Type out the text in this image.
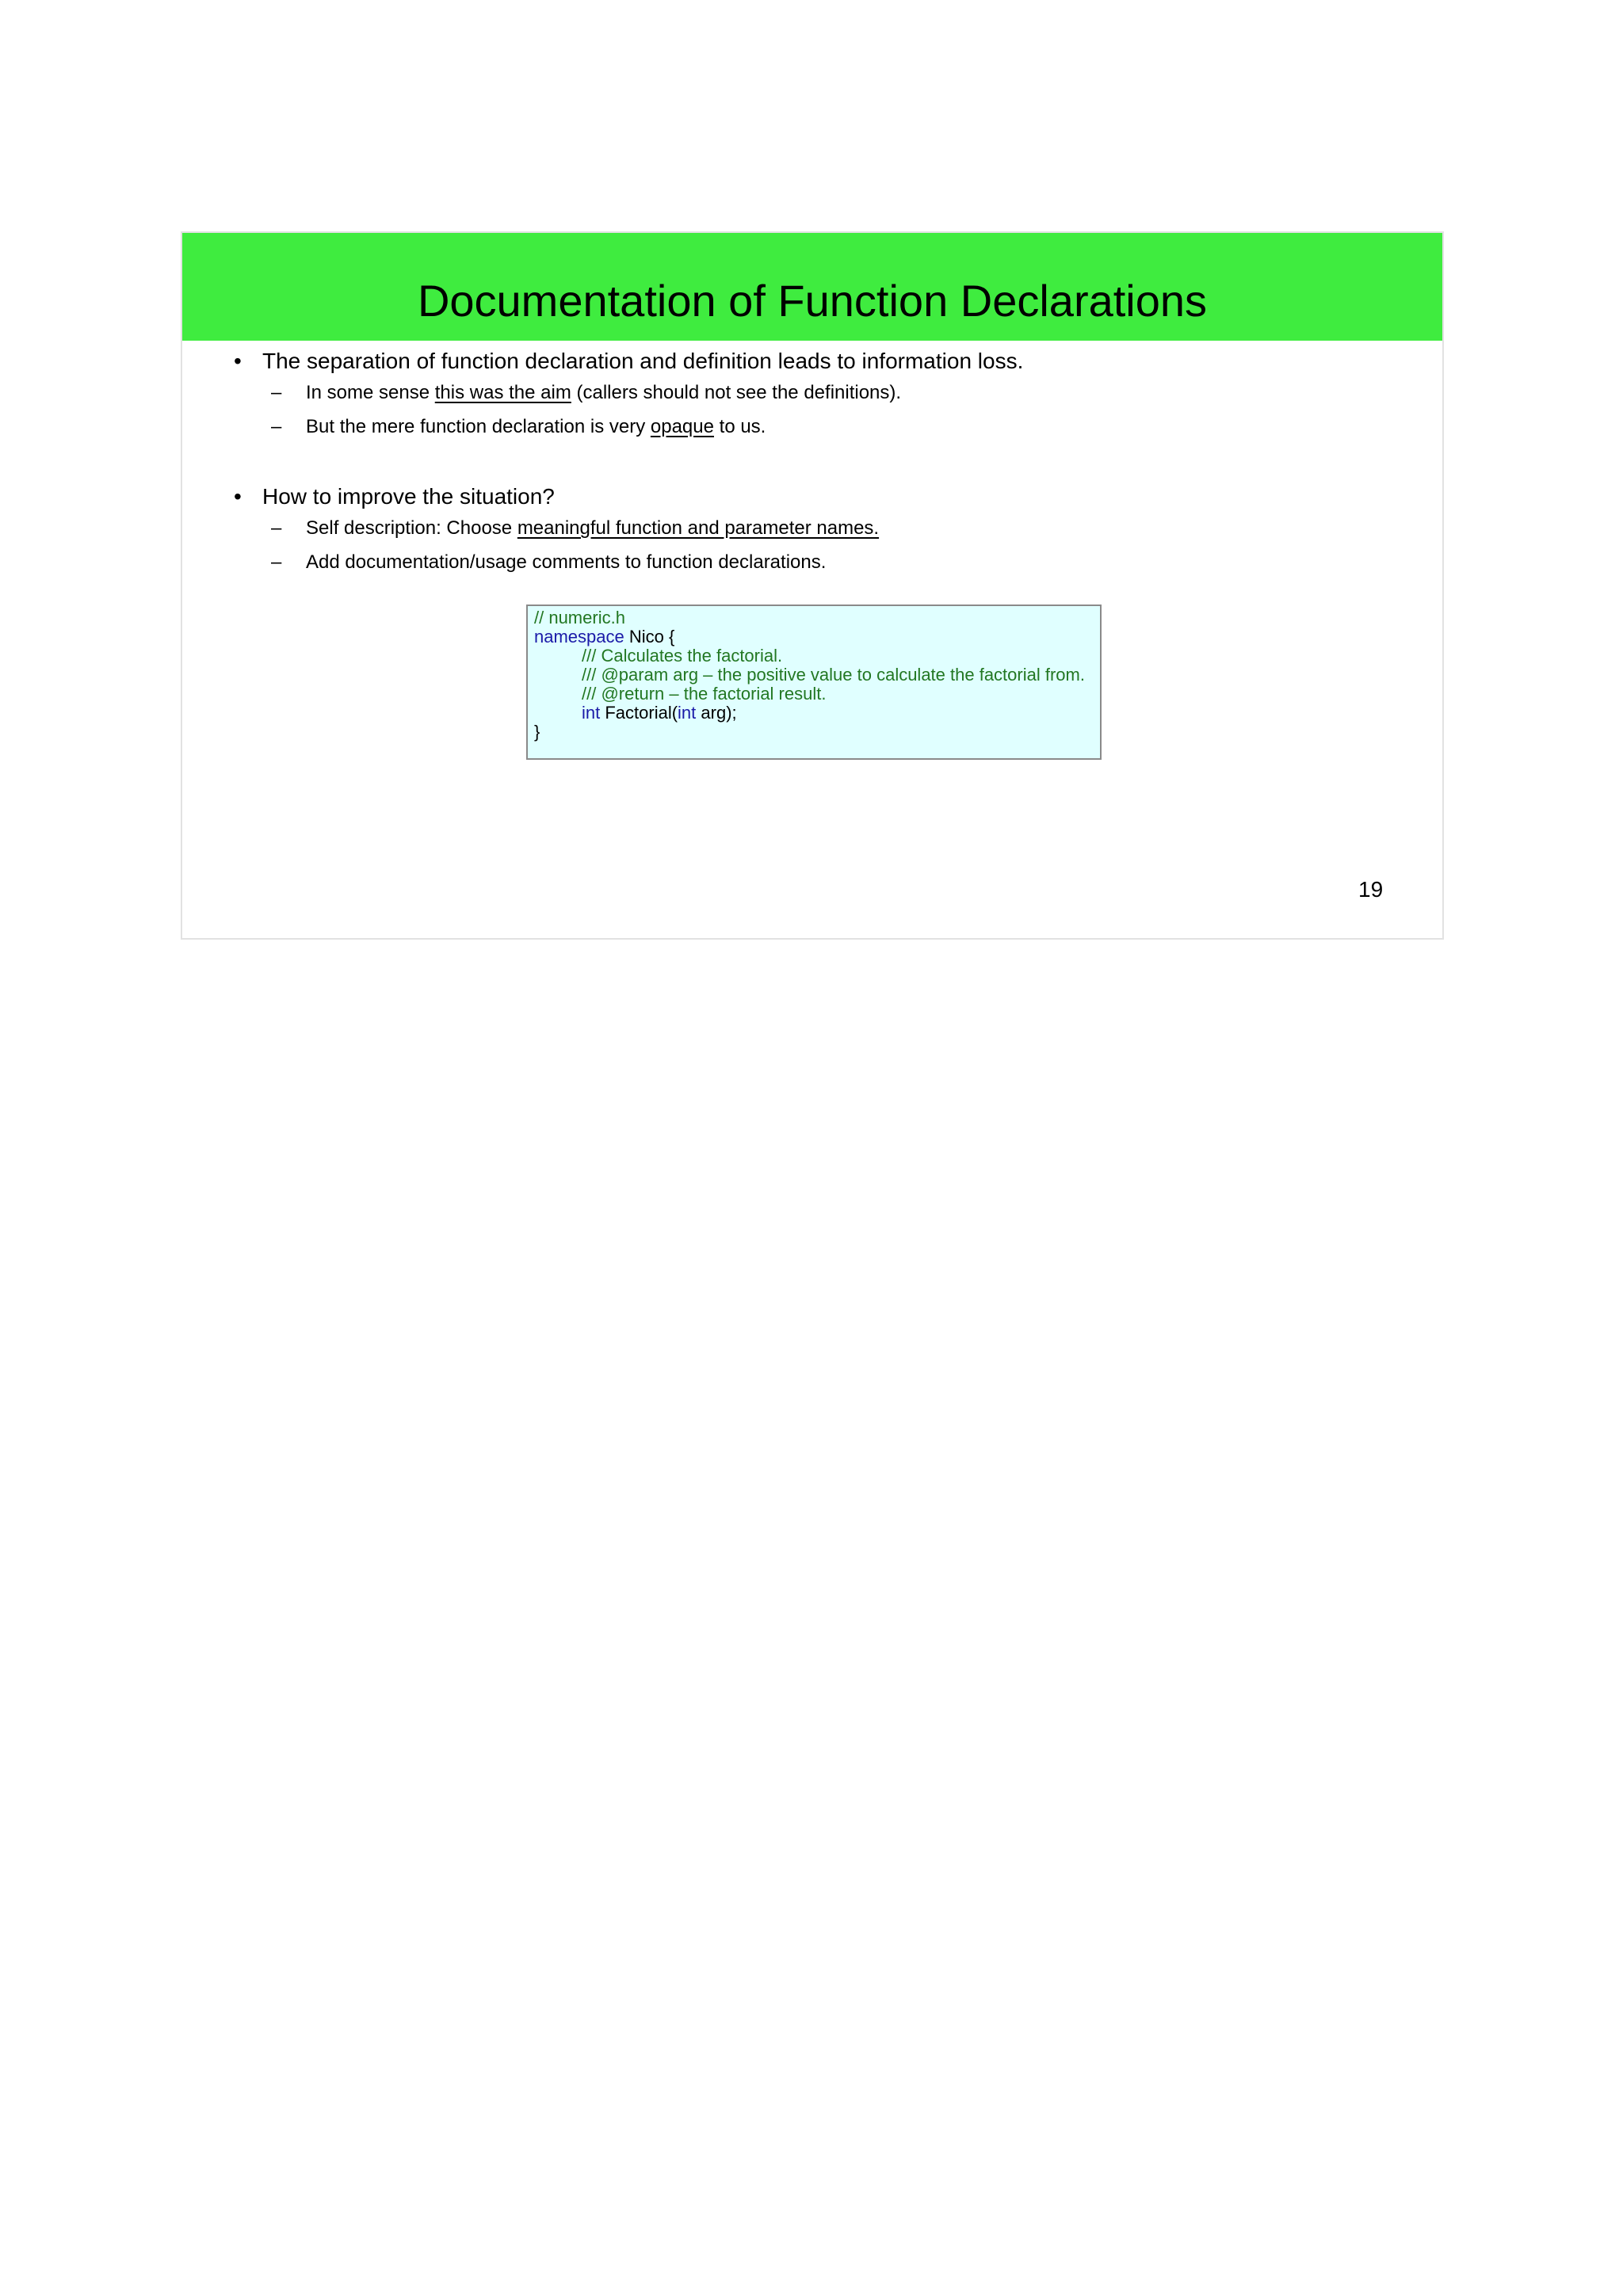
Documentation of Function Declarations
• The separation of function declaration and definition leads to information loss.
– In some sense this was the aim (callers should not see the definitions).
– But the mere function declaration is very opaque to us.
• How to improve the situation?
– Self description: Choose meaningful function and parameter names.
– Add documentation/usage comments to function declarations.
// numeric.h
namespace Nico {
/// Calculates the factorial.
/// @param arg – the positive value to calculate the factorial from.
/// @return – the factorial result.
int Factorial(int arg);
}
19
